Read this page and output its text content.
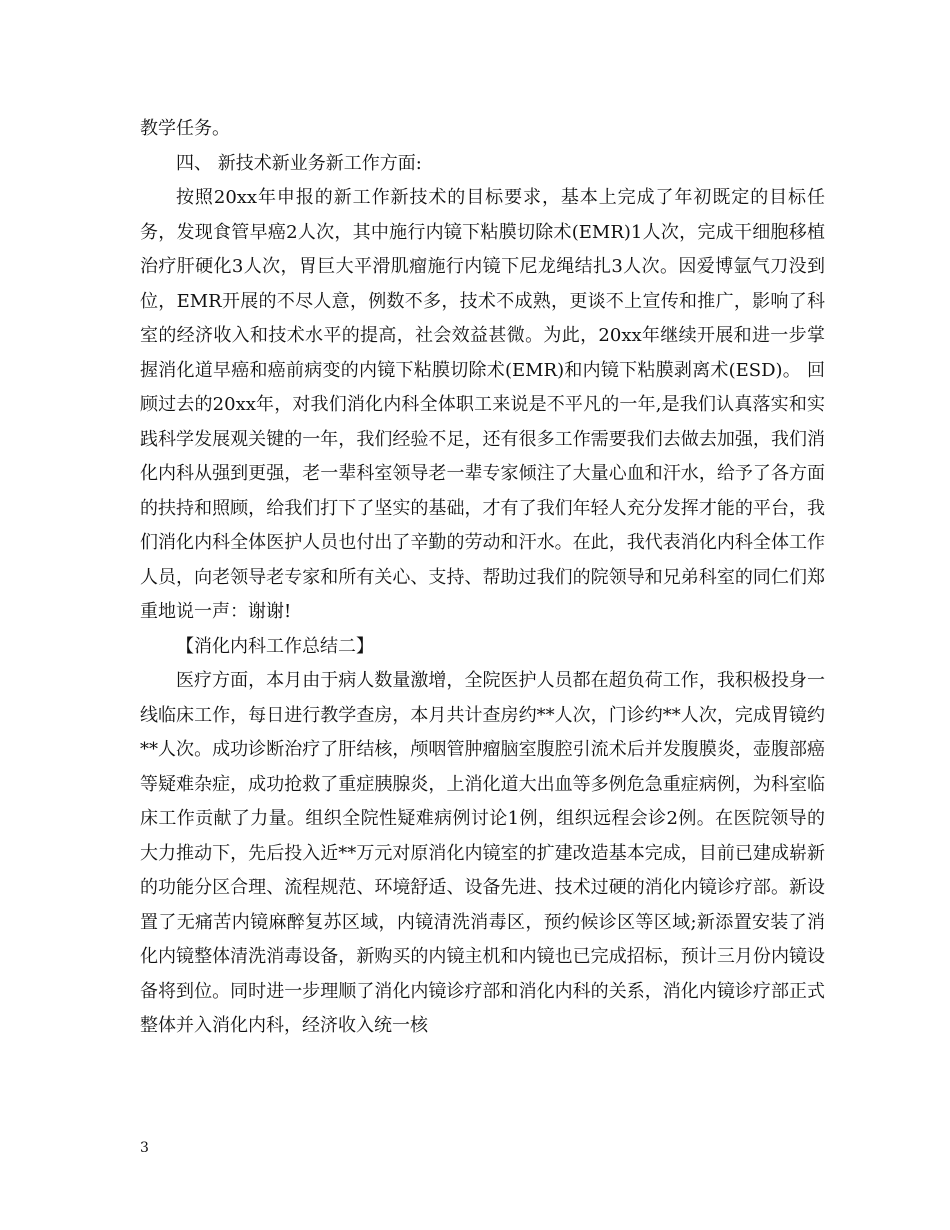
教学任务。

四、 新技术新业务新工作方面:

按照20xx年申报的新工作新技术的目标要求，基本上完成了年初既定的目标任务，发现食管早癌2人次，其中施行内镜下粘膜切除术(EMR)1人次，完成干细胞移植治疗肝硬化3人次，胃巨大平滑肌瘤施行内镜下尼龙绳结扎3人次。因爱博氩气刀没到位，EMR开展的不尽人意，例数不多，技术不成熟，更谈不上宣传和推广，影响了科室的经济收入和技术水平的提高，社会效益甚微。为此，20xx年继续开展和进一步掌握消化道早癌和癌前病变的内镜下粘膜切除术(EMR)和内镜下粘膜剥离术(ESD)。 回顾过去的20xx年，对我们消化内科全体职工来说是不平凡的一年,是我们认真落实和实践科学发展观关键的一年，我们经验不足，还有很多工作需要我们去做去加强，我们消化内科从强到更强，老一辈科室领导老一辈专家倾注了大量心血和汗水，给予了各方面的扶持和照顾，给我们打下了坚实的基础，才有了我们年轻人充分发挥才能的平台，我们消化内科全体医护人员也付出了辛勤的劳动和汗水。在此，我代表消化内科全体工作人员，向老领导老专家和所有关心、支持、帮助过我们的院领导和兄弟科室的同仁们郑重地说一声：谢谢!

【消化内科工作总结二】

医疗方面，本月由于病人数量激增，全院医护人员都在超负荷工作，我积极投身一线临床工作，每日进行教学查房，本月共计查房约**人次，门诊约**人次，完成胃镜约**人次。成功诊断治疗了肝结核，颅咽管肿瘤脑室腹腔引流术后并发腹膜炎，壶腹部癌等疑难杂症，成功抢救了重症胰腺炎，上消化道大出血等多例危急重症病例，为科室临床工作贡献了力量。组织全院性疑难病例讨论1例，组织远程会诊2例。在医院领导的大力推动下，先后投入近**万元对原消化内镜室的扩建改造基本完成，目前已建成崭新的功能分区合理、流程规范、环境舒适、设备先进、技术过硬的消化内镜诊疗部。新设置了无痛苦内镜麻醉复苏区域，内镜清洗消毒区，预约候诊区等区域;新添置安装了消化内镜整体清洗消毒设备，新购买的内镜主机和内镜也已完成招标，预计三月份内镜设备将到位。同时进一步理顺了消化内镜诊疗部和消化内科的关系，消化内镜诊疗部正式整体并入消化内科，经济收入统一核

3
